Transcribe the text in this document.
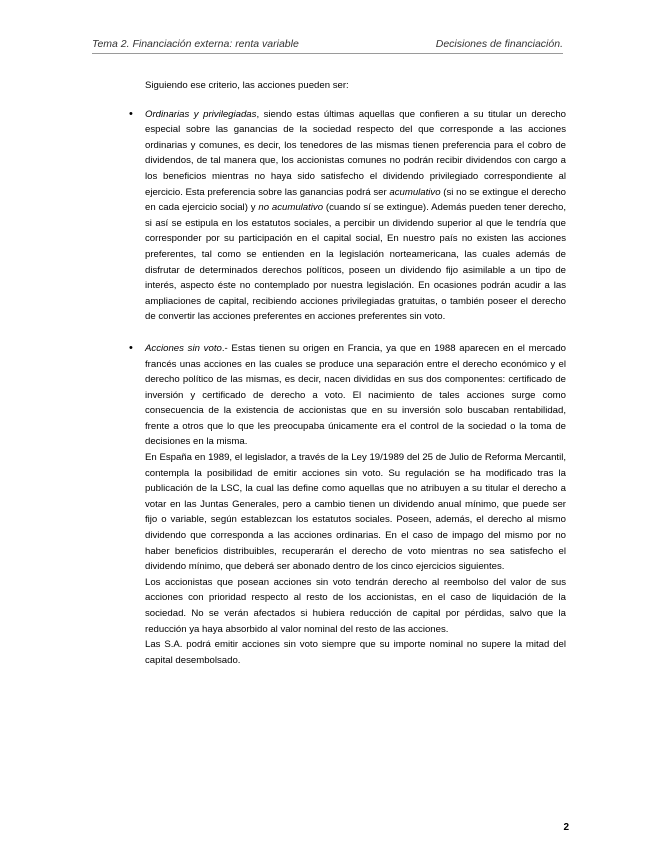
Tema 2. Financiación externa: renta variable	Decisiones de financiación.

Siguiendo ese criterio, las acciones pueden ser:

• Ordinarias y privilegiadas, siendo estas últimas aquellas que confieren a su titular un derecho especial sobre las ganancias de la sociedad respecto del que corresponde a las acciones ordinarias y comunes, es decir, los tenedores de las mismas tienen preferencia para el cobro de dividendos, de tal manera que, los accionistas comunes no podrán recibir dividendos con cargo a los beneficios mientras no haya sido satisfecho el dividendo privilegiado correspondiente al ejercicio. Esta preferencia sobre las ganancias podrá ser acumulativo (si no se extingue el derecho en cada ejercicio social) y no acumulativo (cuando sí se extingue). Además pueden tener derecho, si así se estipula en los estatutos sociales, a percibir un dividendo superior al que le tendría que corresponder por su participación en el capital social, En nuestro país no existen las acciones preferentes, tal como se entienden en la legislación norteamericana, las cuales además de disfrutar de determinados derechos políticos, poseen un dividendo fijo asimilable a un tipo de interés, aspecto éste no contemplado por nuestra legislación. En ocasiones podrán acudir a las ampliaciones de capital, recibiendo acciones privilegiadas gratuitas, o también poseer el derecho de convertir las acciones preferentes en acciones preferentes sin voto.

• Acciones sin voto.- Estas tienen su origen en Francia, ya que en 1988 aparecen en el mercado francés unas acciones en las cuales se produce una separación entre el derecho económico y el derecho político de las mismas, es decir, nacen divididas en sus dos componentes: certificado de inversión y certificado de derecho a voto. El nacimiento de tales acciones surge como consecuencia de la existencia de accionistas que en su inversión solo buscaban rentabilidad, frente a otros que lo que les preocupaba únicamente era el control de la sociedad o la toma de decisiones en la misma.

En España en 1989, el legislador, a través de la Ley 19/1989 del 25 de Julio de Reforma Mercantil, contempla la posibilidad de emitir acciones sin voto. Su regulación se ha modificado tras la publicación de la LSC, la cual las define como aquellas que no atribuyen a su titular el derecho a votar en las Juntas Generales, pero a cambio tienen un dividendo anual mínimo, que puede ser fijo o variable, según establezcan los estatutos sociales. Poseen, además, el derecho al mismo dividendo que corresponda a las acciones ordinarias. En el caso de impago del mismo por no haber beneficios distribuibles, recuperarán el derecho de voto mientras no sea satisfecho el dividendo mínimo, que deberá ser abonado dentro de los cinco ejercicios siguientes.

Los accionistas que posean acciones sin voto tendrán derecho al reembolso del valor de sus acciones con prioridad respecto al resto de los accionistas, en el caso de liquidación de la sociedad. No se verán afectados si hubiera reducción de capital por pérdidas, salvo que la reducción ya haya absorbido al valor nominal del resto de las acciones.

Las S.A. podrá emitir acciones sin voto siempre que su importe nominal no supere la mitad del capital desembolsado.

2
